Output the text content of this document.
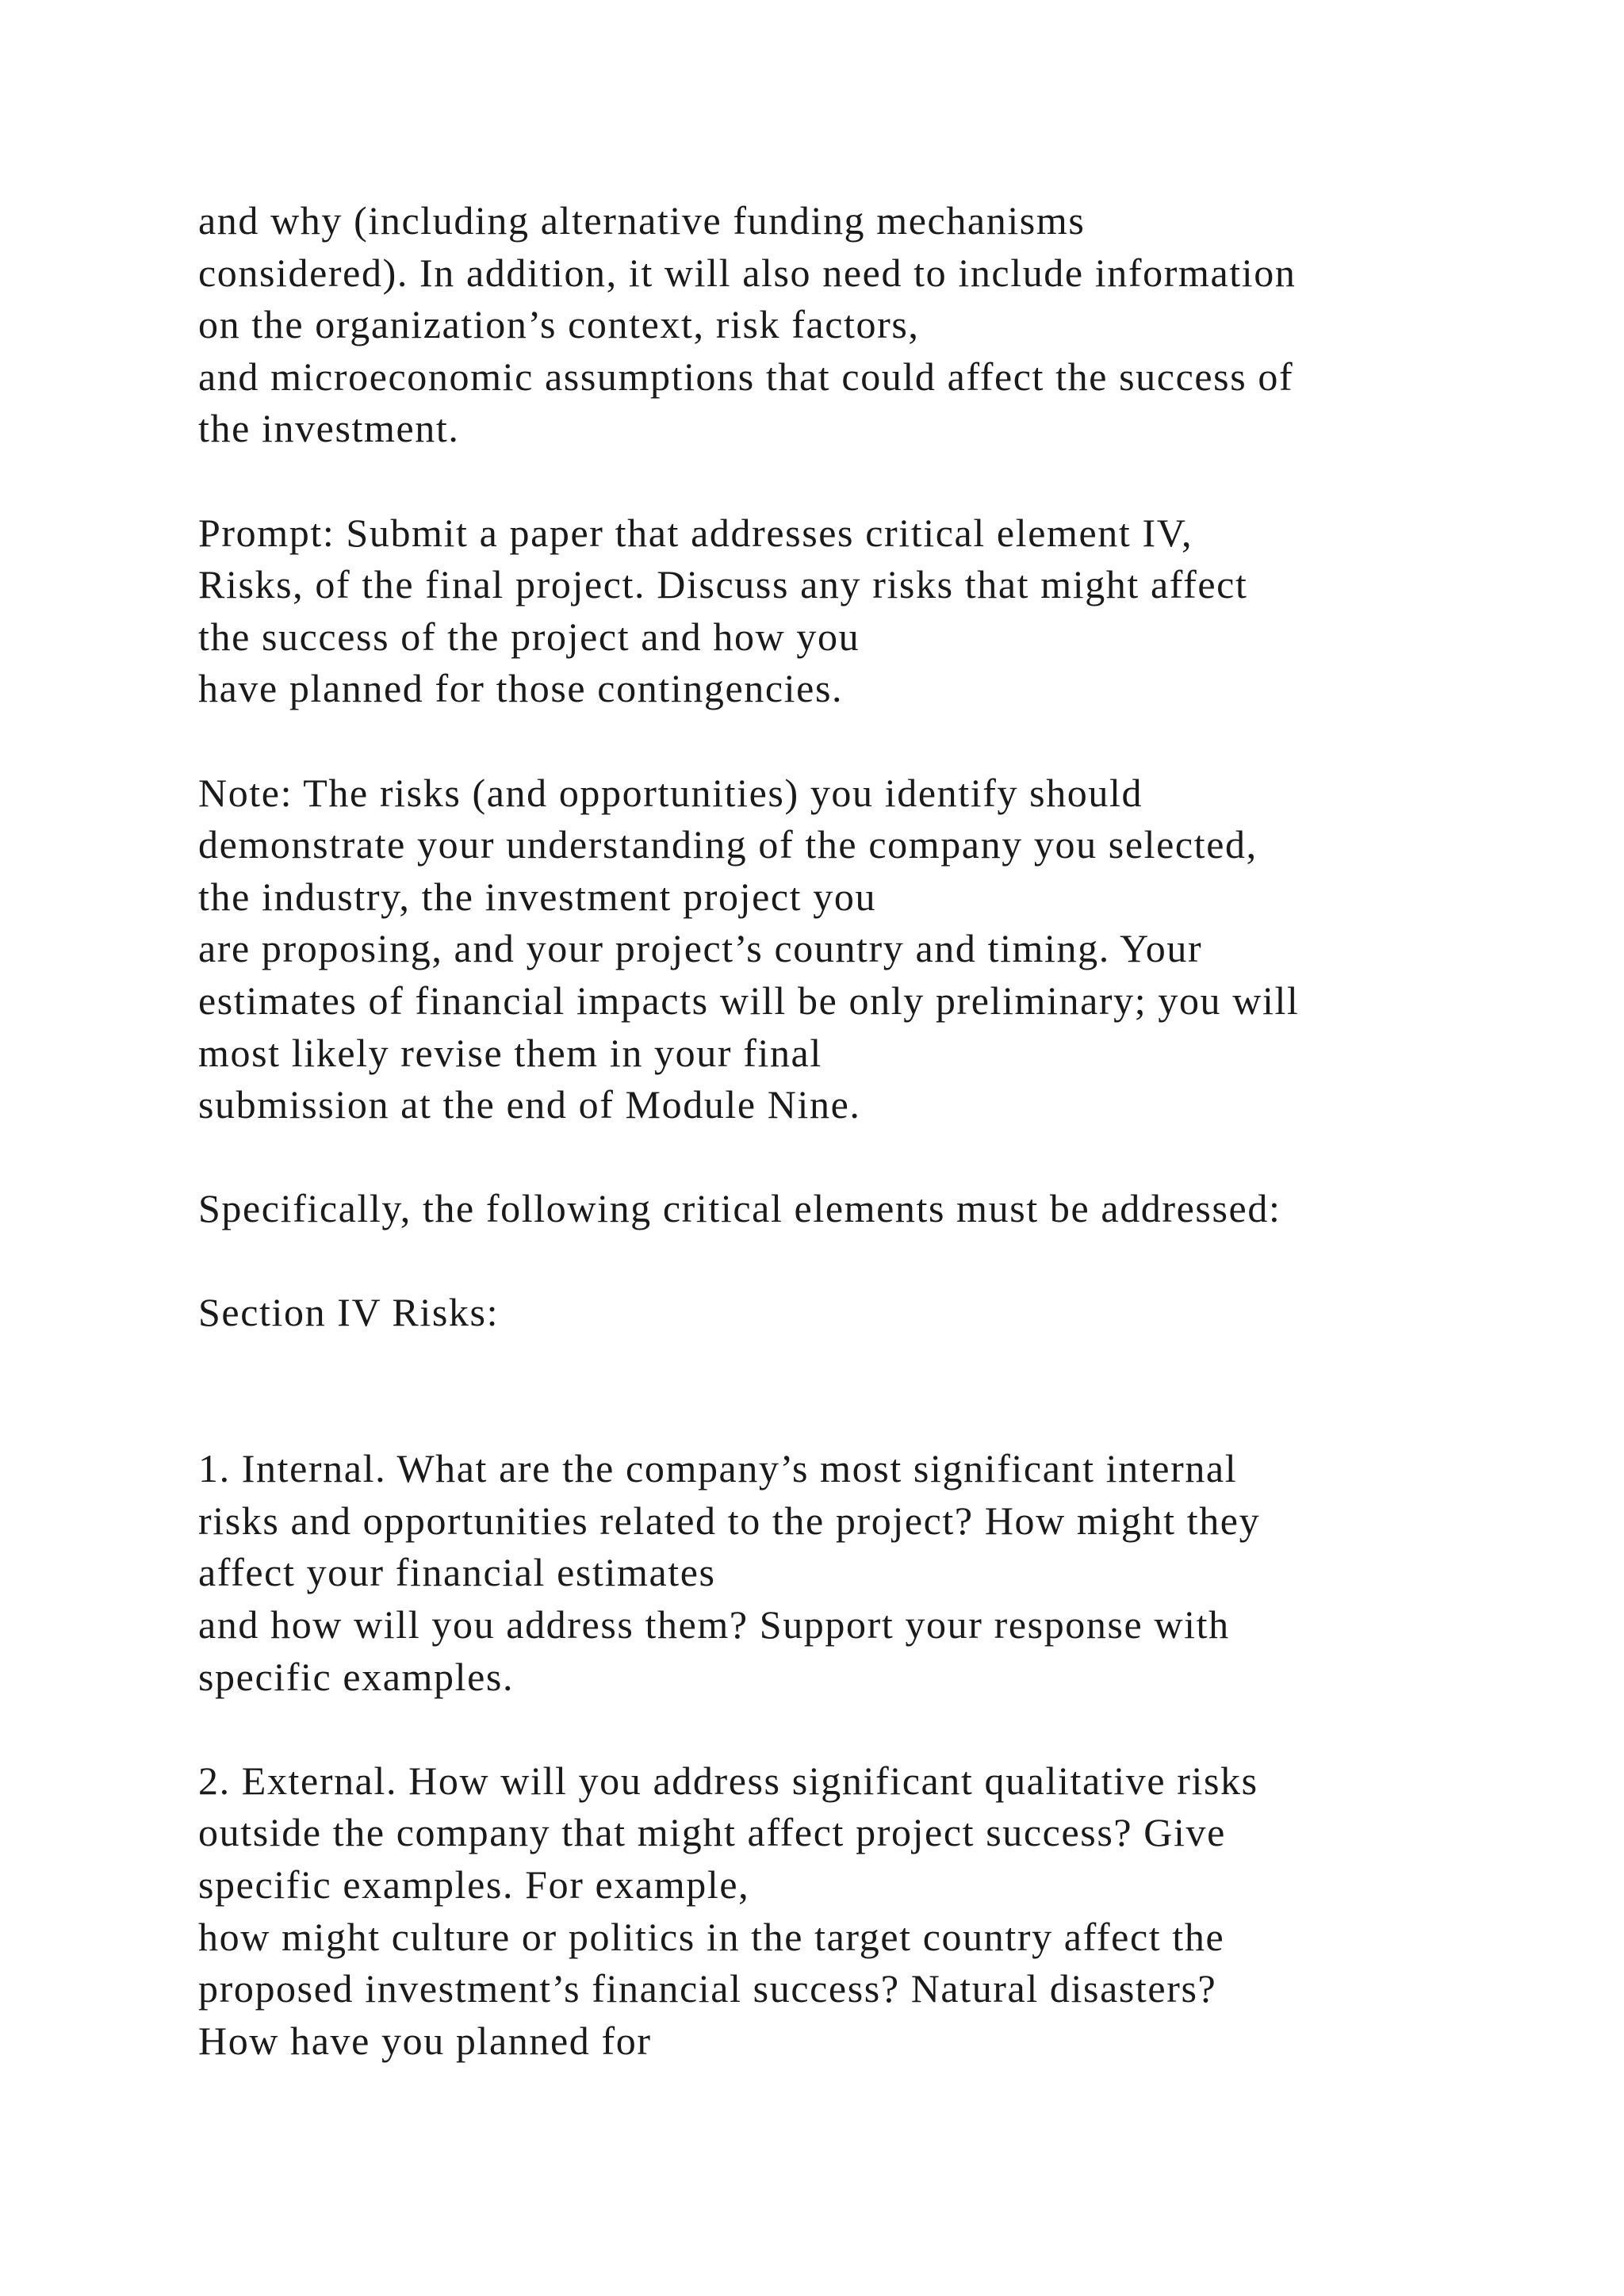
and why (including alternative funding mechanisms
considered). In addition, it will also need to include information
on the organization’s context, risk factors,
and microeconomic assumptions that could affect the success of
the investment.
Prompt: Submit a paper that addresses critical element IV,
Risks, of the final project. Discuss any risks that might affect
the success of the project and how you
have planned for those contingencies.
Note: The risks (and opportunities) you identify should
demonstrate your understanding of the company you selected,
the industry, the investment project you
are proposing, and your project’s country and timing. Your
estimates of financial impacts will be only preliminary; you will
most likely revise them in your final
submission at the end of Module Nine.
Specifically, the following critical elements must be addressed:
Section IV Risks:
1. Internal. What are the company’s most significant internal
risks and opportunities related to the project? How might they
affect your financial estimates
and how will you address them? Support your response with
specific examples.
2. External. How will you address significant qualitative risks
outside the company that might affect project success? Give
specific examples. For example,
how might culture or politics in the target country affect the
proposed investment’s financial success? Natural disasters?
How have you planned for
